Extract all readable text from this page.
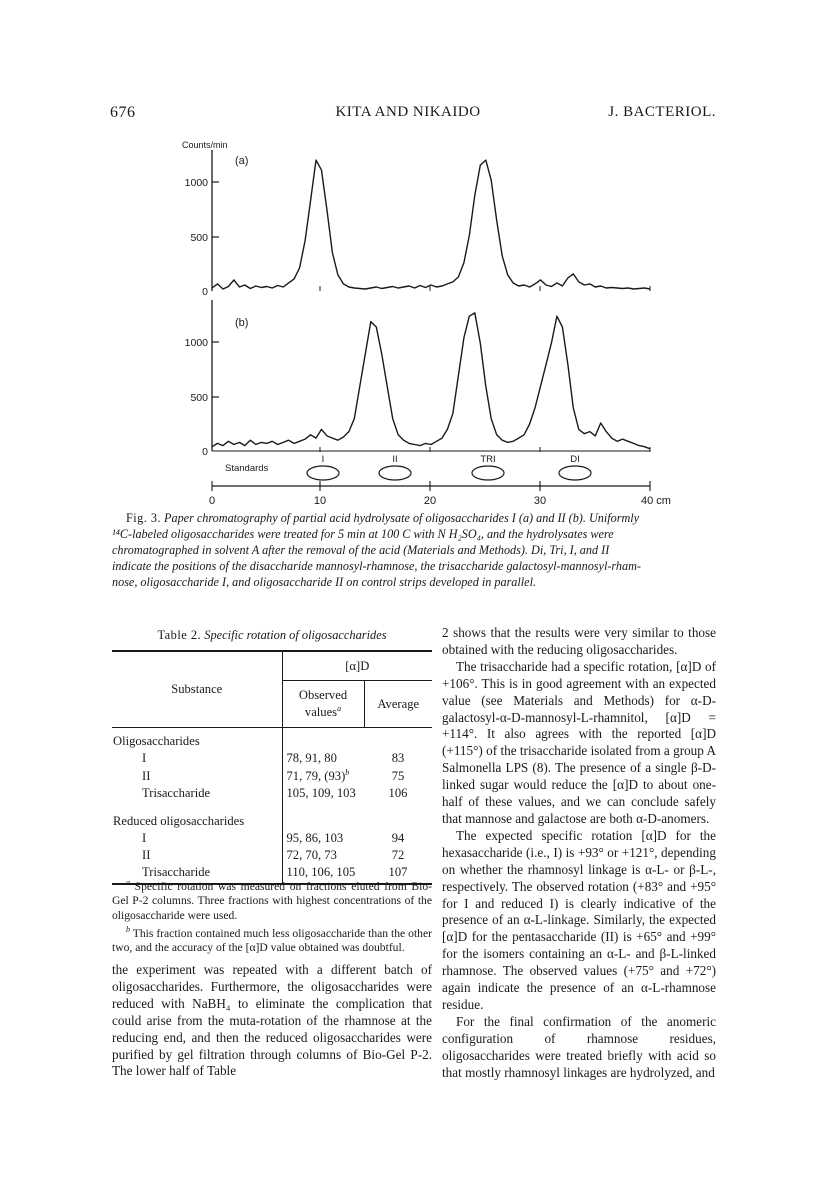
676	KITA AND NIKAIDO	J. BACTERIOL.
Counts/min
(a)
1000
500
0
(b)
1000
500
0
Standards
I	II	TRI	DI
0	10	20	30	40 cm
Fig. 3. Paper chromatography of partial acid hydrolysate of oligosaccharides I (a) and II (b). Uniformly
¹⁴C-labeled oligosaccharides were treated for 5 min at 100 C with N H₂SO₄, and the hydrolysates were
chromatographed in solvent A after the removal of the acid (Materials and Methods). Di, Tri, I, and II
indicate the positions of the disaccharide mannosyl-rhamnose, the trisaccharide galactosyl-mannosyl-rham-
nose, oligosaccharide I, and oligosaccharide II on control strips developed in parallel.
Table 2. Specific rotation of oligosaccharides
Substance	[α]D	
	Observed values$^a$	Average
Oligosaccharides		
I	78, 91, 80	83
II	71, 79, $(93)^b$	75
Trisaccharide	105, 109, 103	106
Reduced oligosaccharides		
I	95, 86, 103	94
II	72, 70, 73	72
Trisaccharide	110, 106, 105	107

$^a$ Specific rotation was measured on fractions eluted from Bio-Gel P-2 columns. Three fractions with highest concentrations of the oligosaccharide were used.

$^b$ This fraction contained much less oligosaccharide than the other two, and the accuracy of the [α]D value obtained was doubtful.

the experiment was repeated with a different batch of oligosaccharides. Furthermore, the oligosaccharides were reduced with NaBH₄ to eliminate the complication that could arise from the muta-rotation of the rhamnose at the reducing end, and then the reduced oligosaccharides were purified by gel filtration through columns of Bio-Gel P-2. The lower half of Table

2 shows that the results were very similar to those obtained with the reducing oligosaccharides.

The trisaccharide had a specific rotation, [α]D of +106°. This is in good agreement with an expected value (see Materials and Methods) for α-D-galactosyl-α-D-mannosyl-L-rhamnitol, [α]D = +114°. It also agrees with the reported [α]D (+115°) of the trisaccharide isolated from a group A Salmonella LPS (8). The presence of a single β-D-linked sugar would reduce the [α]D to about one-half of these values, and we can conclude safely that mannose and galactose are both α-D-anomers.

The expected specific rotation [α]D for the hexasaccharide (i.e., I) is +93° or +121°, depending on whether the rhamnosyl linkage is α-L- or β-L-, respectively. The observed rotation (+83° and +95° for I and reduced I) is clearly indicative of the presence of an α-L-linkage. Similarly, the expected [α]D for the pentasaccharide (II) is +65° and +99° for the isomers containing an α-L- and β-L-linked rhamnose. The observed values (+75° and +72°) again indicate the presence of an α-L-rhamnose residue.

For the final confirmation of the anomeric configuration of rhamnose residues, oligosaccharides were treated briefly with acid so that mostly rhamnosyl linkages are hydrolyzed, and
